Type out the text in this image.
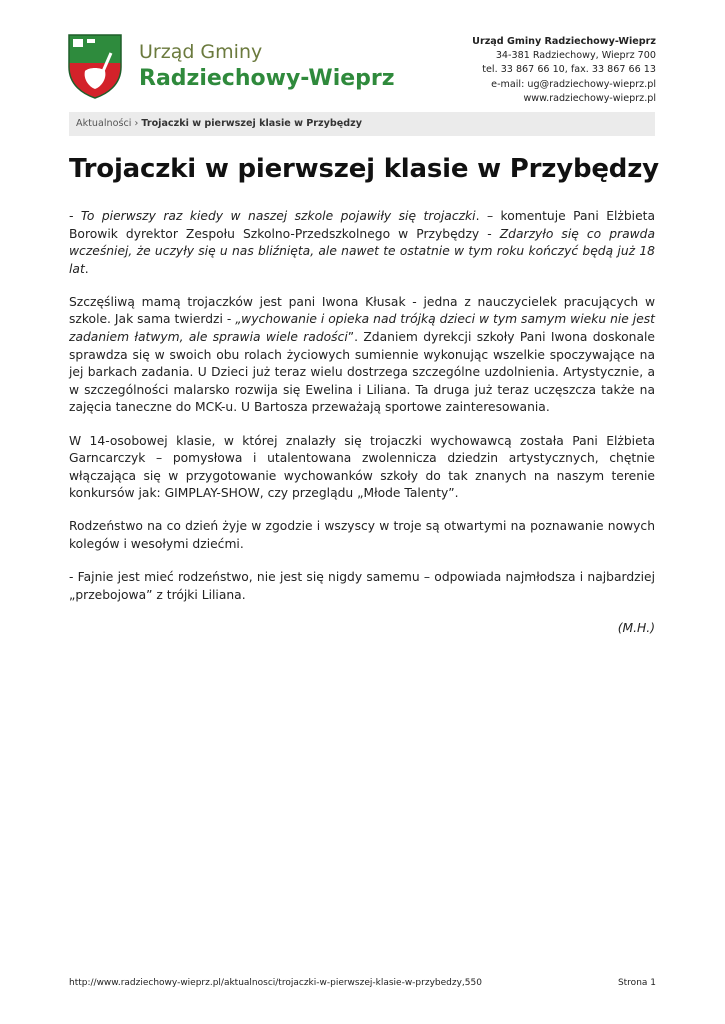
Urząd Gminy
Radziechowy-Wieprz
Urząd Gminy Radziechowy-Wieprz
34-381 Radziechowy, Wieprz 700
tel. 33 867 66 10, fax. 33 867 66 13
e-mail: ug@radziechowy-wieprz.pl
www.radziechowy-wieprz.pl
Aktualności › Trojaczki w pierwszej klasie w Przybędzy
Trojaczki w pierwszej klasie w Przybędzy

- To pierwszy raz kiedy w naszej szkole pojawiły się trojaczki. – komentuje Pani Elżbieta Borowik dyrektor Zespołu Szkolno-Przedszkolnego w Przybędzy - Zdarzyło się co prawda wcześniej, że uczyły się u nas bliźnięta, ale nawet te ostatnie w tym roku kończyć będą już 18 lat.

Szczęśliwą mamą trojaczków jest pani Iwona Kłusak - jedna z nauczycielek pracujących w szkole. Jak sama twierdzi - „wychowanie i opieka nad trójką dzieci w tym samym wieku nie jest zadaniem łatwym, ale sprawia wiele radości”. Zdaniem dyrekcji szkoły Pani Iwona doskonale sprawdza się w swoich obu rolach życiowych sumiennie wykonując wszelkie spoczywające na jej barkach zadania. U Dzieci już teraz wielu dostrzega szczególne uzdolnienia. Artystycznie, a w szczególności malarsko rozwija się Ewelina i Liliana. Ta druga już teraz uczęszcza także na zajęcia taneczne do MCK-u. U Bartosza przeważają sportowe zainteresowania.

W 14-osobowej klasie, w której znalazły się trojaczki wychowawcą została Pani Elżbieta Garncarczyk – pomysłowa i utalentowana zwolennicza dziedzin artystycznych, chętnie włączająca się w przygotowanie wychowanków szkoły do tak znanych na naszym terenie konkursów jak: GIMPLAY-SHOW, czy przeglądu „Młode Talenty”.

Rodzeństwo na co dzień żyje w zgodzie i wszyscy w troje są otwartymi na poznawanie nowych kolegów i wesołymi dziećmi.

- Fajnie jest mieć rodzeństwo, nie jest się nigdy samemu – odpowiada najmłodsza i najbardziej „przebojowa” z trójki Liliana.

(M.H.)

http://www.radziechowy-wieprz.pl/aktualnosci/trojaczki-w-pierwszej-klasie-w-przybedzy,550	Strona 1
